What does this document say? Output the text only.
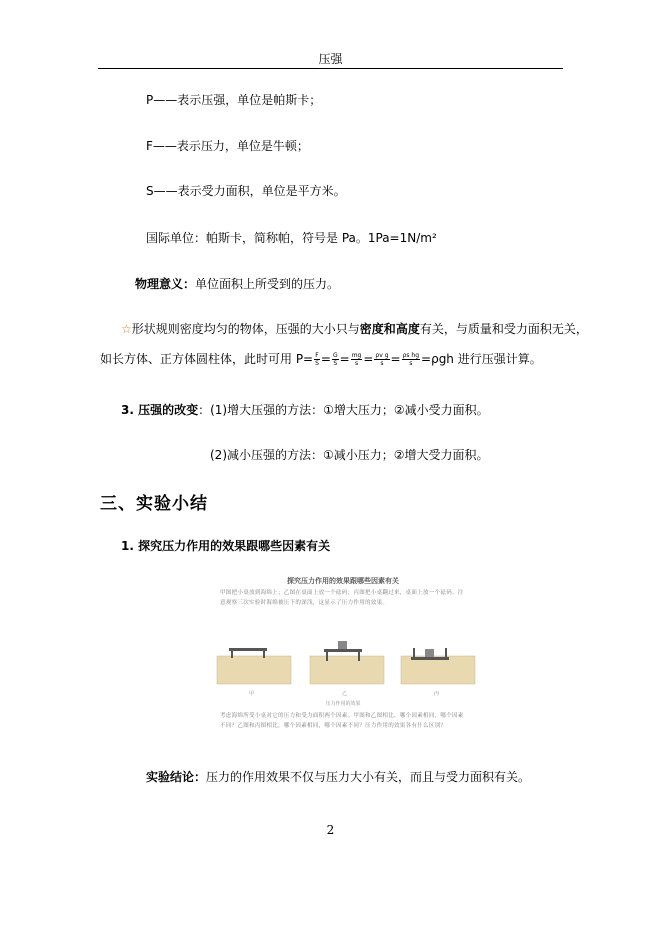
压强
P——表示压强，单位是帕斯卡；
F——表示压力，单位是牛顿；
S——表示受力面积，单位是平方米。
国际单位：帕斯卡，简称帕，符号是 Pa。1Pa=1N/m²
物理意义：单位面积上所受到的压力。
☆形状规则密度均匀的物体，压强的大小只与密度和高度有关，与质量和受力面积无关，
如长方体、正方体圆柱体，此时可用 $P= \frac{F}{S} = \frac{G}{S} = \frac{mg}{s} = \frac{\text{ρv g}}{s} = \frac{\text{ρs hg}}{s} =\rho gh$ 进行压强计算。
3. 压强的改变：(1)增大压强的方法：①增大压力；②减小受力面积。
(2)减小压强的方法：①减小压力；②增大受力面积。
三、实验小结
1. 探究压力作用的效果跟哪些因素有关
探究压力作用的效果跟哪些因素有关
甲图把小桌放到海绵上；乙图在桌面上放一个砝码；丙图把小桌翻过来，桌面上放一个砝码。注意观察三次实验时海绵被压下的深浅，这显示了压力作用的效果。
甲	乙	丙
压力作用的效果
考虑海绵所受小桌对它的压力和受力面积两个因素。甲图和乙图相比，哪个因素相同，哪个因素不同？乙图和丙图相比，哪个因素相同，哪个因素不同？压力作用的效果各有什么区别？
实验结论：压力的作用效果不仅与压力大小有关，而且与受力面积有关。
2
